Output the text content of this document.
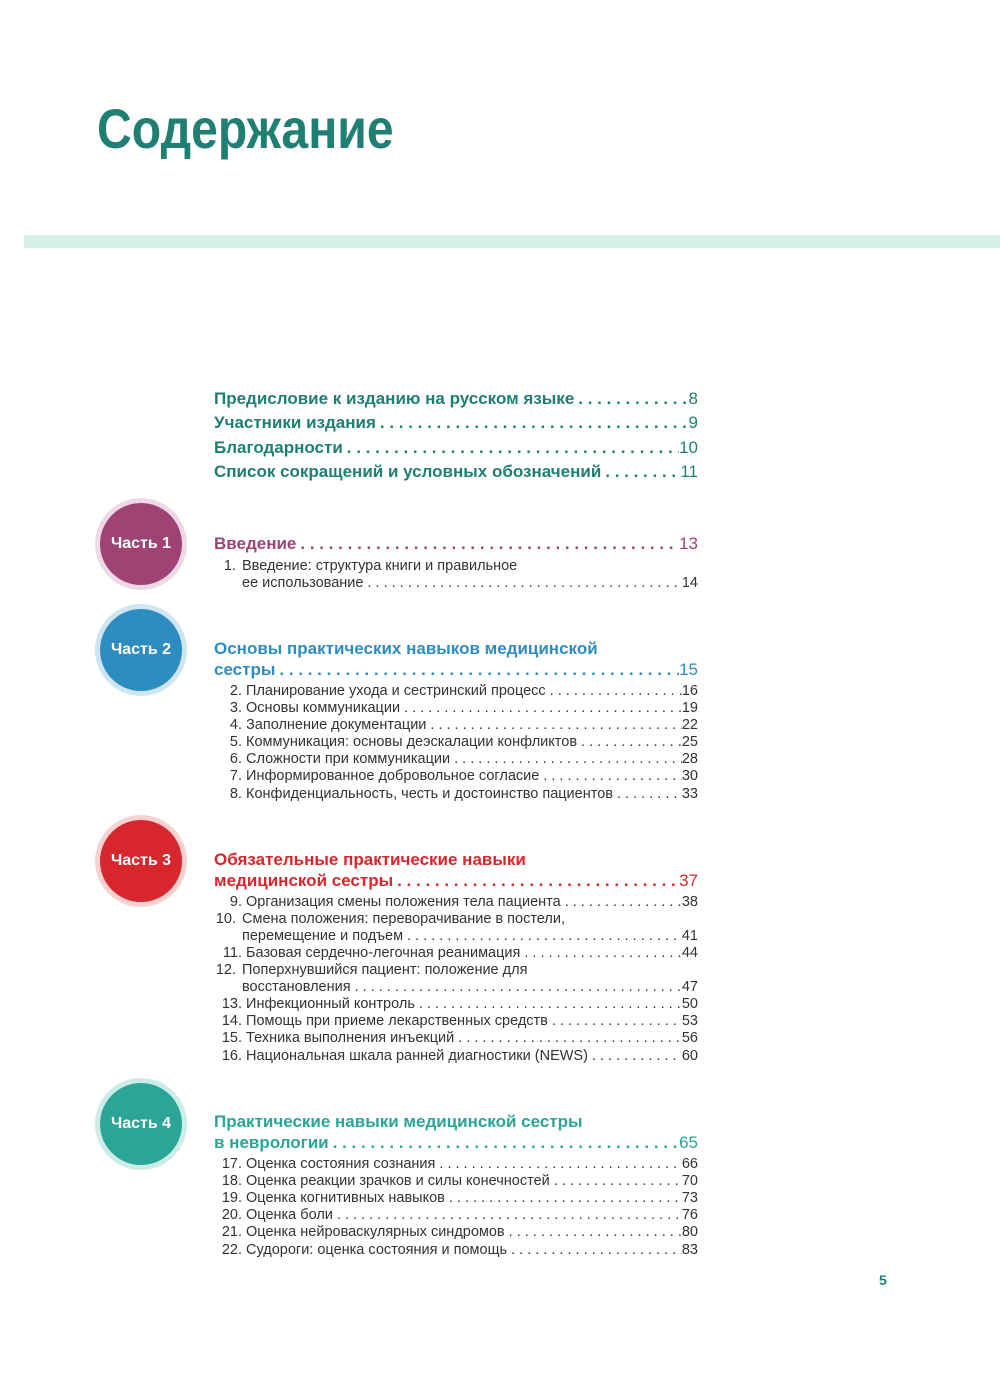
Содержание
Предисловие к изданию на русском языке . . .	8
Участники издания . . .	9
Благодарности . . .	10
Список сокращений и условных обозначений . . .	11
Часть 1	Введение . . .	13
1. Введение: структура книги и правильное
ее использование . . .	14
Часть 2	Основы практических навыков медицинской
сестры . . .	15
2. Планирование ухода и сестринский процесс . . .	16
3. Основы коммуникации . . .	19
4. Заполнение документации . . .	22
5. Коммуникация: основы деэскалации конфликтов . . .	25
6. Сложности при коммуникации . . .	28
7. Информированное добровольное согласие . . .	30
8. Конфиденциальность, честь и достоинство пациентов . . .	33
Часть 3	Обязательные практические навыки
медицинской сестры . . .	37
9. Организация смены положения тела пациента . . .	38
10. Смена положения: переворачивание в постели,
перемещение и подъем . . .	41
11. Базовая сердечно-легочная реанимация . . .	44
12. Поперхнувшийся пациент: положение для
восстановления . . .	47
13. Инфекционный контроль . . .	50
14. Помощь при приеме лекарственных средств . . .	53
15. Техника выполнения инъекций . . .	56
16. Национальная шкала ранней диагностики (NEWS) . . .	60
Часть 4	Практические навыки медицинской сестры
в неврологии . . .	65
17. Оценка состояния сознания . . .	66
18. Оценка реакции зрачков и силы конечностей . . .	70
19. Оценка когнитивных навыков . . .	73
20. Оценка боли . . .	76
21. Оценка нейроваскулярных синдромов . . .	80
22. Судороги: оценка состояния и помощь . . .	83
5
